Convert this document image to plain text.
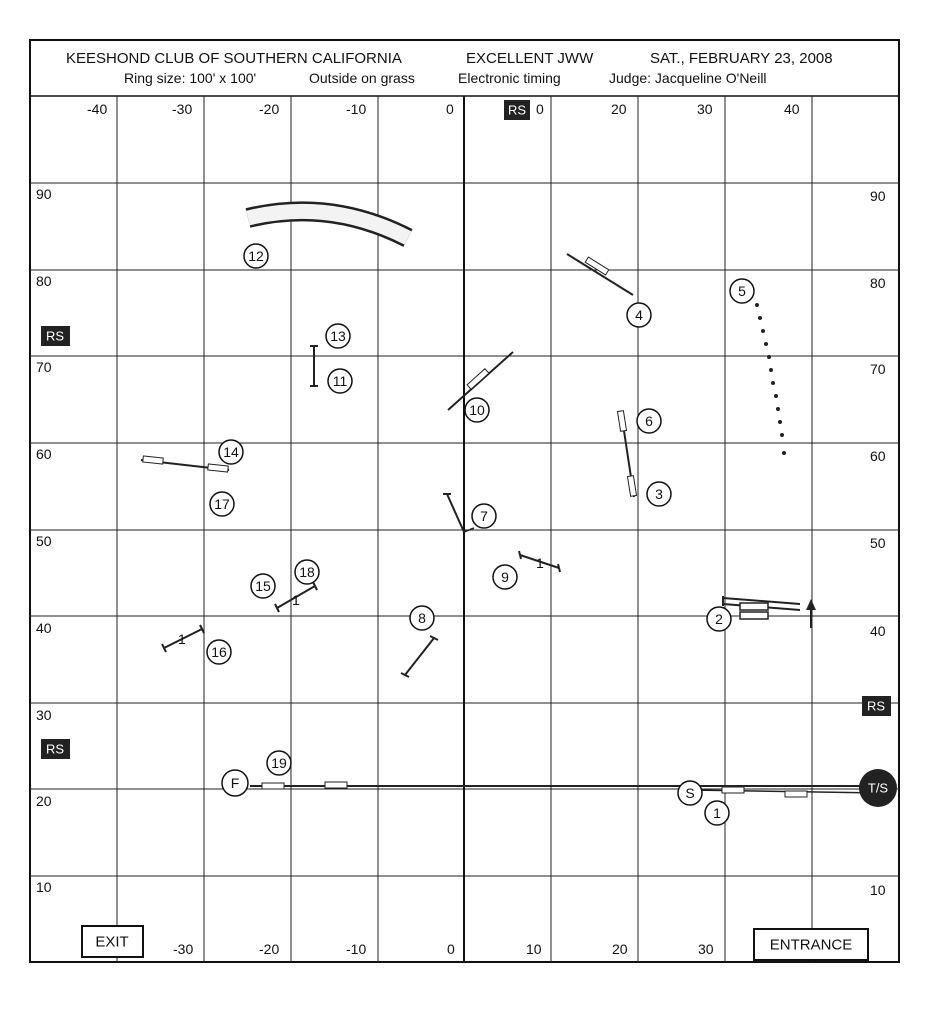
KEESHOND CLUB OF SOUTHERN CALIFORNIA	EXCELLENT JWW	SAT., FEBRUARY 23, 2008
Ring size: 100' x 100'	Outside on grass	Electronic timing	Judge: Jacqueline O'Neill
-40	-30	-20	-10	0	0	20	30	40
-30	-20	-10	0	10	20	30
90
80
70
60
50
40
30
20
10
90
80
70
60
50
40
10
RS
RS
RS
RS
T/S
S
F
1
1
1
1
2
3
4
5
6
7
8
9
10
11
12
13
14
15
16
17
18
19
EXIT	ENTRANCE
